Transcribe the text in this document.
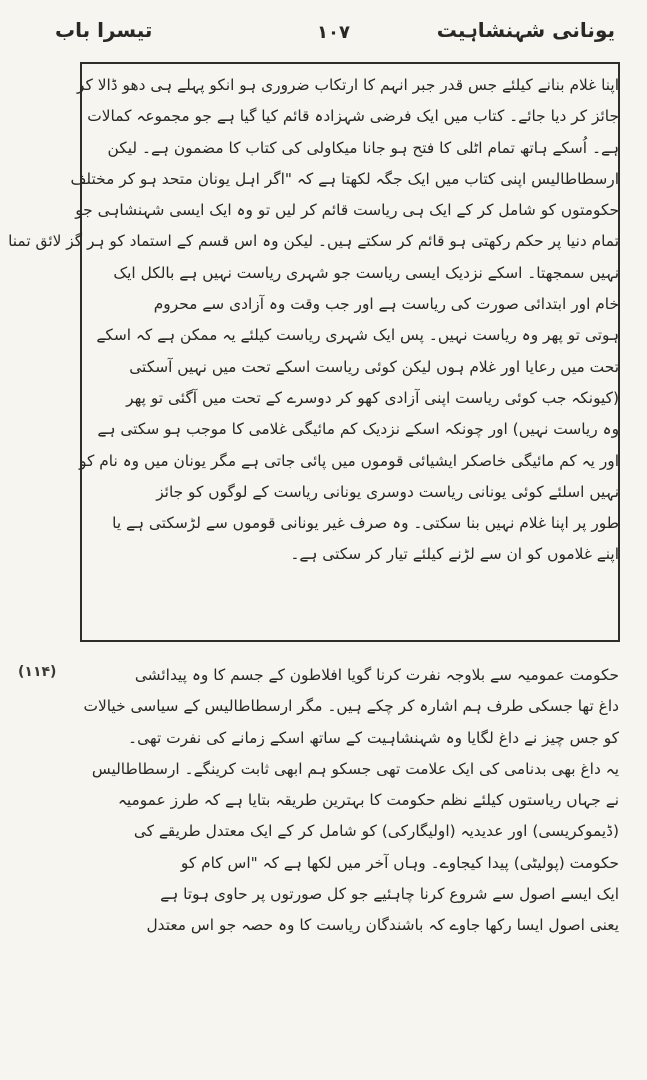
تیسرا باب	۱۰۷	یونانی شہنشاہیت
اپنا غلام بنانے کیلئے جس قدر جبر انہم کا ارتکاب ضروری ہو انکو پہلے ہی دھو ڈالا کر
جائز کر دیا جائے۔ کتاب میں ایک فرضی شہزادہ قائم کیا گیا ہے جو مجموعہ کمالات
ہے۔ اُسکے ہاتھ تمام اٹلی کا فتح ہو جانا میکاولی کی کتاب کا مضمون ہے۔ لیکن
ارسطاطالیس اپنی کتاب میں ایک جگہ لکھتا ہے کہ "اگر اہل یونان متحد ہو کر مختلف
حکومتوں کو شامل کر کے ایک ہی ریاست قائم کر لیں تو وہ ایک ایسی شہنشاہی جو
تمام دنیا پر حکم رکھتی ہو قائم کر سکتے ہیں۔ لیکن وہ اس قسم کے استماد کو ہر گز لائق تمنا
نہیں سمجھتا۔ اسکے نزدیک ایسی ریاست جو شہری ریاست نہیں ہے بالکل ایک
خام اور ابتدائی صورت کی ریاست ہے اور جب وقت وہ آزادی سے محروم
ہوتی تو پھر وہ ریاست نہیں۔ پس ایک شہری ریاست کیلئے یہ ممکن ہے کہ اسکے
تحت میں رعایا اور غلام ہوں لیکن کوئی ریاست اسکے تحت میں نہیں آسکتی
(کیونکہ جب کوئی ریاست اپنی آزادی کھو کر دوسرے کے تحت میں آگئی تو پھر
وہ ریاست نہیں) اور چونکہ اسکے نزدیک کم مائیگی غلامی کا موجب ہو سکتی ہے
اور یہ کم مائیگی خاصکر ایشیائی قوموں میں پائی جاتی ہے مگر یونان میں وہ نام کو
نہیں اسلئے کوئی یونانی ریاست دوسری یونانی ریاست کے لوگوں کو جائز
طور پر اپنا غلام نہیں بنا سکتی۔ وہ صرف غیر یونانی قوموں سے لڑسکتی ہے یا
اپنے غلاموں کو ان سے لڑنے کیلئے تیار کر سکتی ہے۔
(۱۱۴)	حکومت عمومیہ سے بلاوجہ نفرت کرنا گویا افلاطون کے جسم کا وہ پیدائشی
داغ تھا جسکی طرف ہم اشارہ کر چکے ہیں۔ مگر ارسطاطالیس کے سیاسی خیالات
کو جس چیز نے داغ لگایا وہ شہنشاہیت کے ساتھ اسکے زمانے کی نفرت تھی۔
یہ داغ بھی بدنامی کی ایک علامت تھی جسکو ہم ابھی ثابت کرینگے۔ ارسطاطالیس
نے جہاں ریاستوں کیلئے نظم حکومت کا بہترین طریقہ بتایا ہے کہ طرز عمومیہ
(ڈیموکریسی) اور عدیدیہ (اولیگارکی) کو شامل کر کے ایک معتدل طریقے کی
حکومت (پولیٹی) پیدا کیجاوے۔ وہاں آخر میں لکھا ہے کہ "اس کام کو
ایک ایسے اصول سے شروع کرنا چاہئیے جو کل صورتوں پر حاوی ہوتا ہے
یعنی اصول ایسا رکھا جاوے کہ باشندگان ریاست کا وہ حصہ جو اس معتدل
